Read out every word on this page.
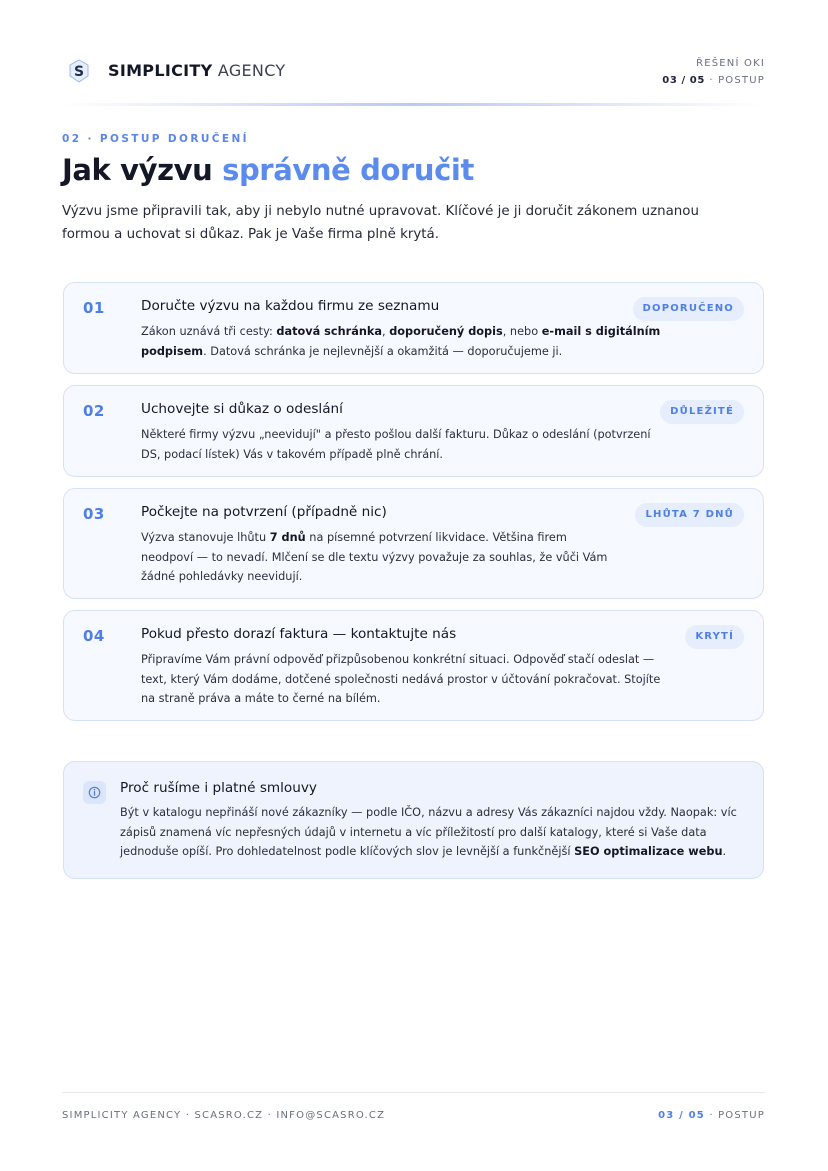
S SIMPLICITY AGENCY	ŘEŠENÍ OKI
03 / 05 · POSTUP
02 · POSTUP DORUČENÍ
Jak výzvu správně doručit
Výzvu jsme připravili tak, aby ji nebylo nutné upravovat. Klíčové je ji doručit zákonem uznanou formou a uchovat si důkaz. Pak je Vaše firma plně krytá.
01	Doručte výzvu na každou firmu ze seznamu
Zákon uznává tři cesty: datová schránka, doporučený dopis, nebo e-mail s digitálním podpisem. Datová schránka je nejlevnější a okamžitá — doporučujeme ji.
DOPORUČENO
02	Uchovejte si důkaz o odeslání
Některé firmy výzvu „neevidují" a přesto pošlou další fakturu. Důkaz o odeslání (potvrzení DS, podací lístek) Vás v takovém případě plně chrání.
DŮLEŽITÉ
03	Počkejte na potvrzení (případně nic)
Výzva stanovuje lhůtu 7 dnů na písemné potvrzení likvidace. Většina firem neodpoví — to nevadí. Mlčení se dle textu výzvy považuje za souhlas, že vůči Vám žádné pohledávky neevidují.
LHŮTA 7 DNŮ
04	Pokud přesto dorazí faktura — kontaktujte nás
Připravíme Vám právní odpověď přizpůsobenou konkrétní situaci. Odpověď stačí odeslat — text, který Vám dodáme, dotčené společnosti nedává prostor v účtování pokračovat. Stojíte na straně práva a máte to černé na bílém.
KRYTÍ
Proč rušíme i platné smlouvy
Být v katalogu nepřináší nové zákazníky — podle IČO, názvu a adresy Vás zákazníci najdou vždy. Naopak: víc zápisů znamená víc nepřesných údajů v internetu a víc příležitostí pro další katalogy, které si Vaše data jednoduše opíší. Pro dohledatelnost podle klíčových slov je levnější a funkčnější SEO optimalizace webu.
SIMPLICITY AGENCY · SCASRO.CZ · INFO@SCASRO.CZ	03 / 05 · POSTUP
